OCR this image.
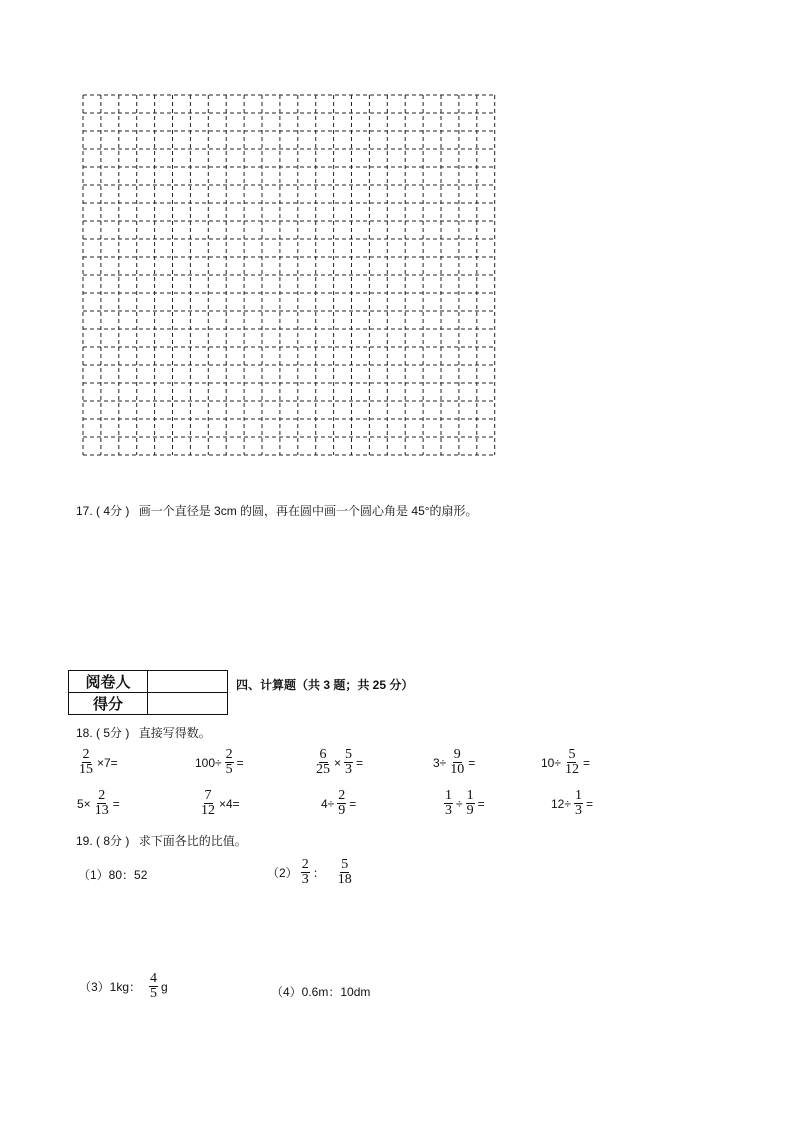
17. ( 4分 ) 画一个直径是 3cm 的圆，再在圆中画一个圆心角是 45°的扇形。
阅卷人	
得分	
四、计算题（共 3 题；共 25 分）
18. ( 5分 ) 直接写得数。
$\frac{2}{15} \times 7=$	$100\div \frac{2}{5}$ =	$\frac{6}{25} \times \frac{5}{3}$ =	$3\div \frac{9}{10}$ =	$10\div \frac{5}{12}$ =
$5\times \frac{2}{13}$ =	$\frac{7}{12} \times 4=$	$4\div \frac{2}{9}$ =	$\frac{1}{3} \div \frac{1}{9}$ =	$12\div \frac{1}{3}$ =
19. ( 8分 ) 求下面各比的比值。
（1）80：52	$(2) \frac{2}{3}$ ： $\frac{5}{18}$
（3）1kg： $\frac{4}{5}$ g	（4）0.6m：10dm
